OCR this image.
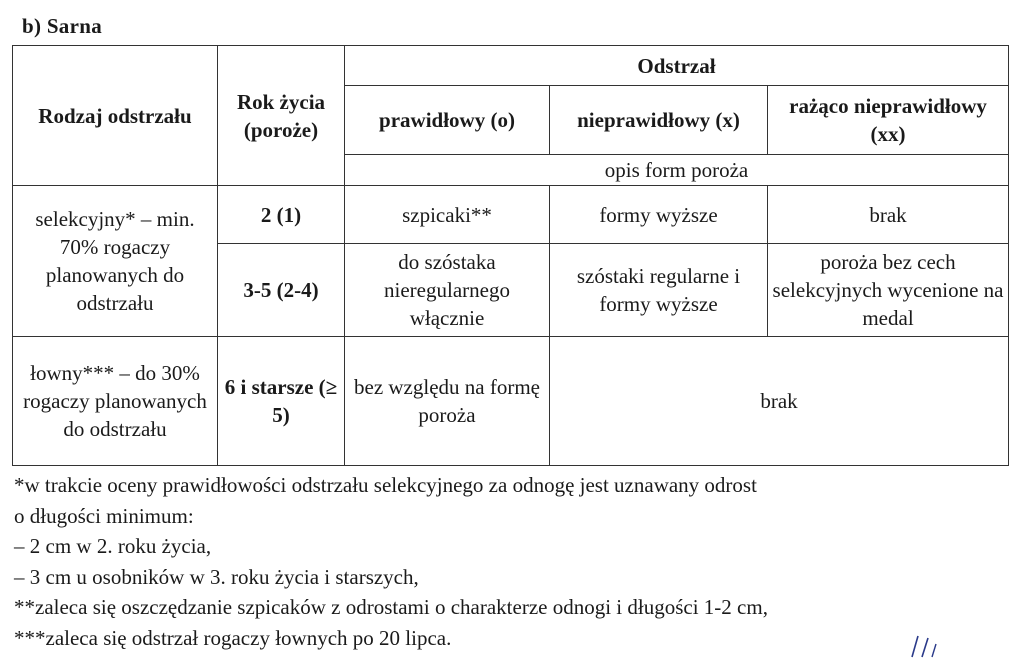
b) Sarna
Rodzaj odstrzału	Rok życia (poroże)	Odstrzał		
		prawidłowy (o)	nieprawidłowy (x)	rażąco nieprawidłowy (xx)
		opis form poroża		
selekcyjny* – min. 70% rogaczy planowanych do odstrzału	2 (1)	szpicaki**	formy wyższe	brak
	3-5 (2-4)	do szóstaka nieregularnego włącznie	szóstaki regularne i formy wyższe	poroża bez cech selekcyjnych wycenione na medal
łowny*** – do 30% rogaczy planowanych do odstrzału	6 i starsze (≥ 5)	bez względu na formę poroża	brak	
*w trakcie oceny prawidłowości odstrzału selekcyjnego za odnogę jest uznawany odrost
o długości minimum:
– 2 cm w 2. roku życia,
– 3 cm u osobników w 3. roku życia i starszych,
**zaleca się oszczędzanie szpicaków z odrostami o charakterze odnogi i długości 1-2 cm,
***zaleca się odstrzał rogaczy łownych po 20 lipca.
